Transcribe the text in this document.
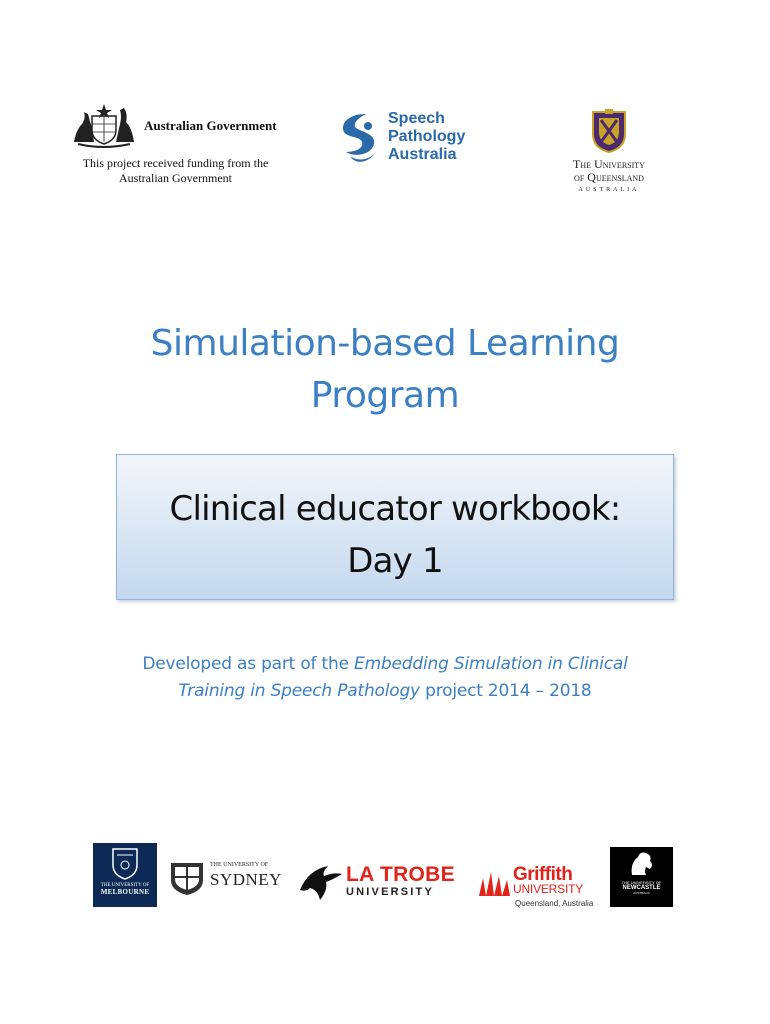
Australian Government
This project received funding from the
Australian Government
Speech
Pathology
Australia
The University
of Queensland
AUSTRALIA
Simulation-based Learning
Program
Clinical educator workbook:
Day 1
Developed as part of the Embedding Simulation in Clinical
Training in Speech Pathology project 2014 – 2018
THE UNIVERSITY OF
MELBOURNE
THE UNIVERSITY OF
SYDNEY	LA TROBE
UNIVERSITY
Griffith
UNIVERSITY
Queensland, Australia
THE UNIVERSITY OF
NEWCASTLE
AUSTRALIA
